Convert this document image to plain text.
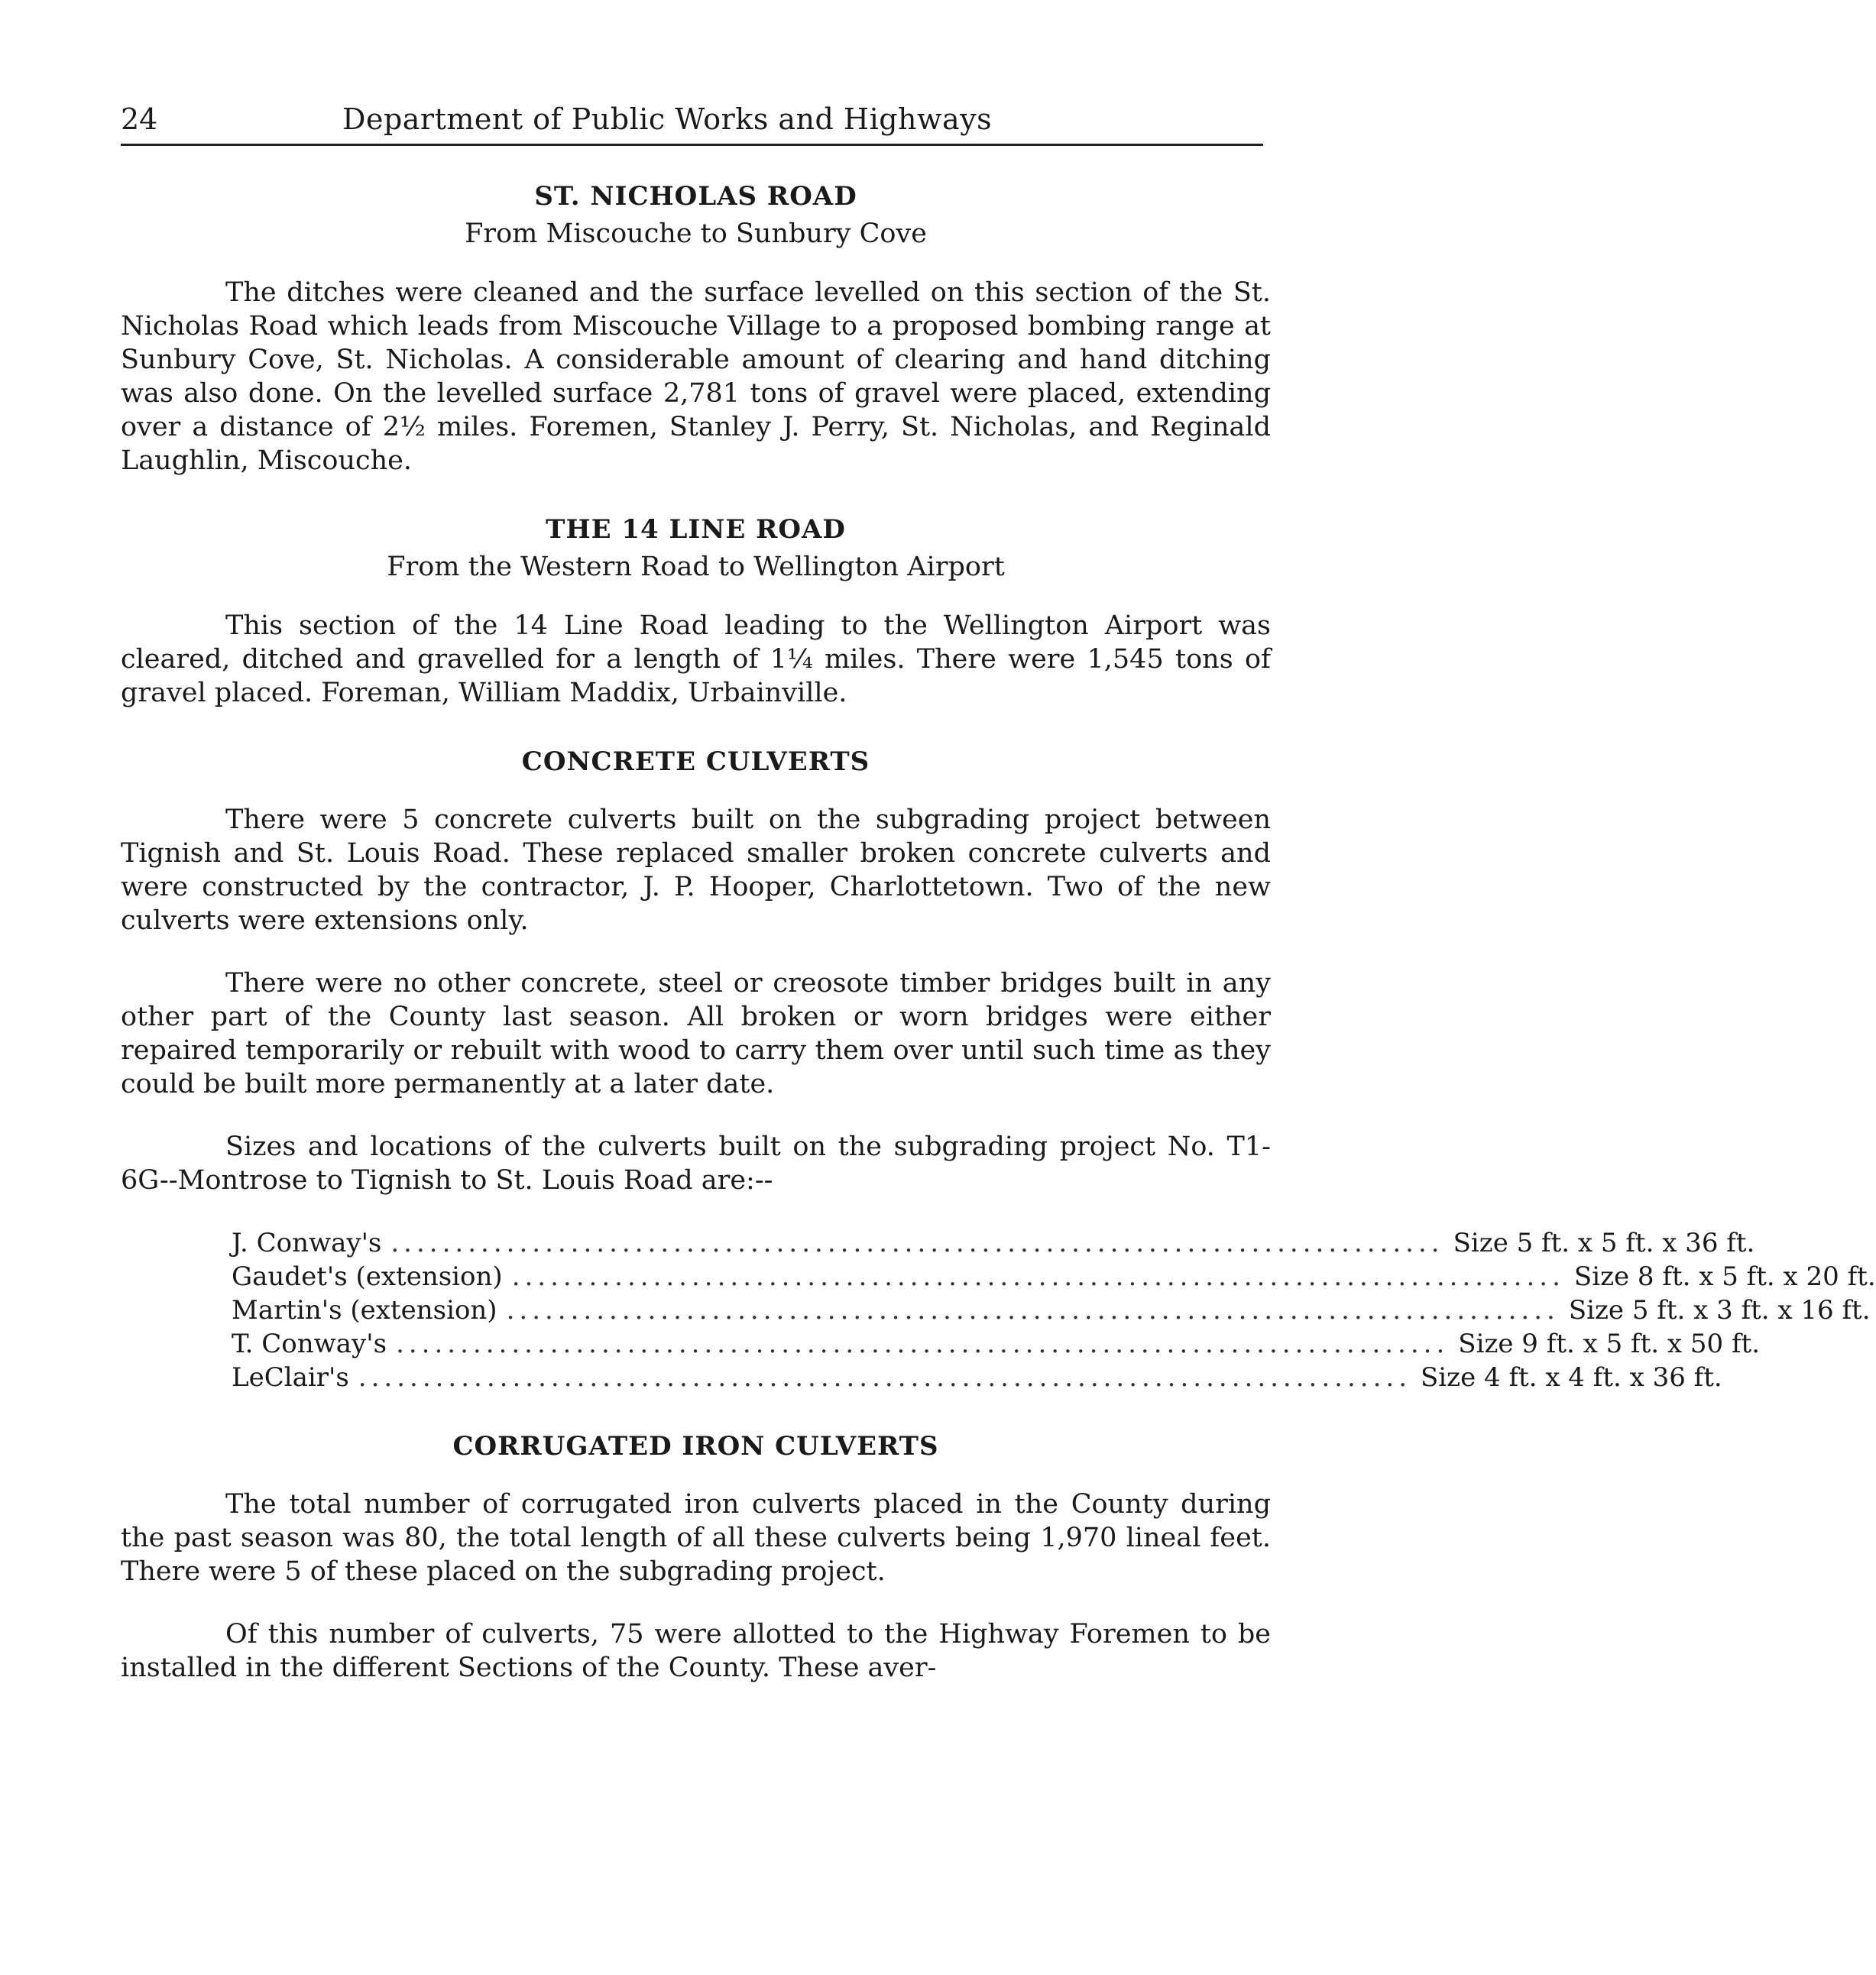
24	Department of Public Works and Highways
ST. NICHOLAS ROAD

From Miscouche to Sunbury Cove

The ditches were cleaned and the surface levelled on this section of the St. Nicholas Road which leads from Miscouche Village to a proposed bombing range at Sunbury Cove, St. Nicholas. A considerable amount of clearing and hand ditching was also done. On the levelled surface 2,781 tons of gravel were placed, extending over a distance of 2½ miles. Foremen, Stanley J. Perry, St. Nicholas, and Reginald Laughlin, Miscouche.

THE 14 LINE ROAD

From the Western Road to Wellington Airport

This section of the 14 Line Road leading to the Wellington Airport was cleared, ditched and gravelled for a length of 1¼ miles. There were 1,545 tons of gravel placed. Foreman, William Maddix, Urbainville.

CONCRETE CULVERTS

There were 5 concrete culverts built on the subgrading project between Tignish and St. Louis Road. These replaced smaller broken concrete culverts and were constructed by the contractor, J. P. Hooper, Charlottetown. Two of the new culverts were extensions only.

There were no other concrete, steel or creosote timber bridges built in any other part of the County last season. All broken or worn bridges were either repaired temporarily or rebuilt with wood to carry them over until such time as they could be built more permanently at a later date.

Sizes and locations of the culverts built on the subgrading project No. T1-6G--Montrose to Tignish to St. Louis Road are:--

J. Conway's .................................................................................. Size 5 ft. x 5 ft. x 36 ft.
Gaudet's (extension) .................................................................................. Size 8 ft. x 5 ft. x 20 ft.
Martin's (extension) .................................................................................. Size 5 ft. x 3 ft. x 16 ft.
T. Conway's .................................................................................. Size 9 ft. x 5 ft. x 50 ft.
LeClair's .................................................................................. Size 4 ft. x 4 ft. x 36 ft.
CORRUGATED IRON CULVERTS

The total number of corrugated iron culverts placed in the County during the past season was 80, the total length of all these culverts being 1,970 lineal feet. There were 5 of these placed on the subgrading project.

Of this number of culverts, 75 were allotted to the Highway Foremen to be installed in the different Sections of the County. These aver-
